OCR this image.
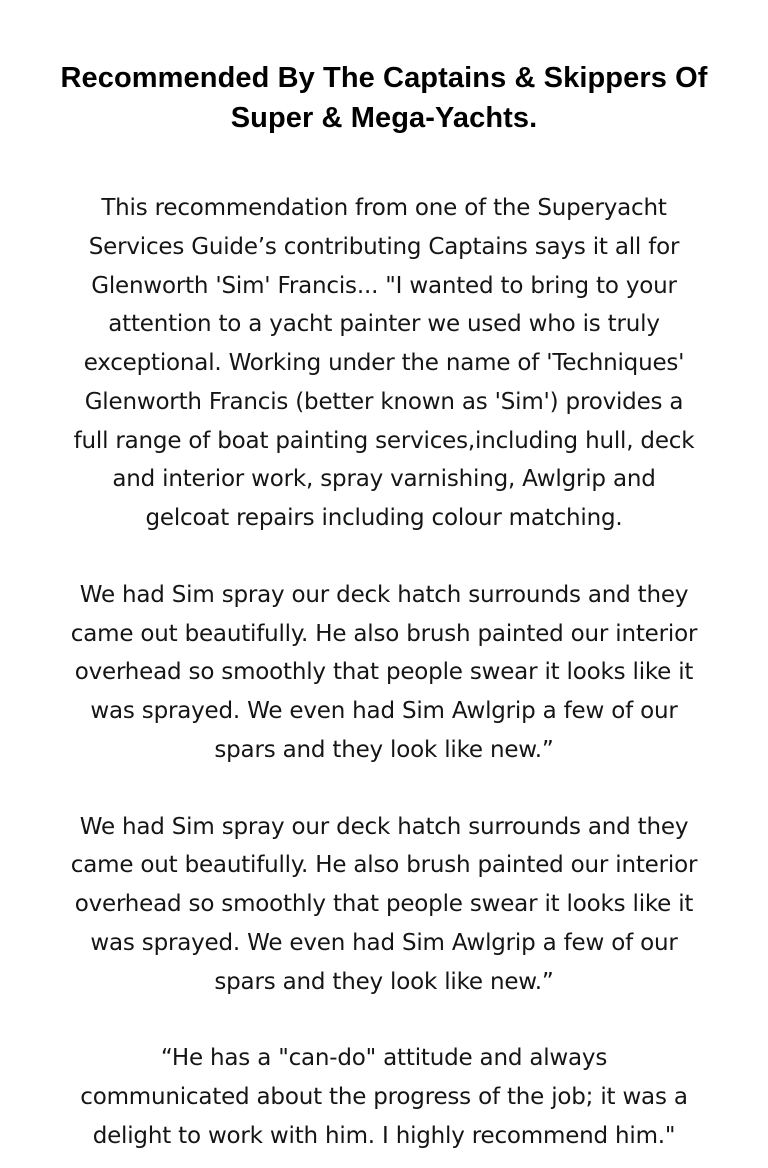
Recommended By The Captains & Skippers Of
Super & Mega-Yachts.

This recommendation from one of the Superyacht
Services Guide’s contributing Captains says it all for
Glenworth 'Sim' Francis... "I wanted to bring to your
attention to a yacht painter we used who is truly
exceptional. Working under the name of 'Techniques'
Glenworth Francis (better known as 'Sim') provides a
full range of boat painting services,including hull, deck
and interior work, spray varnishing, Awlgrip and
gelcoat repairs including colour matching.

We had Sim spray our deck hatch surrounds and they
came out beautifully. He also brush painted our interior
overhead so smoothly that people swear it looks like it
was sprayed. We even had Sim Awlgrip a few of our
spars and they look like new.”

We had Sim spray our deck hatch surrounds and they
came out beautifully. He also brush painted our interior
overhead so smoothly that people swear it looks like it
was sprayed. We even had Sim Awlgrip a few of our
spars and they look like new.”

“He has a "can-do" attitude and always
communicated about the progress of the job; it was a
delight to work with him. I highly recommend him."
